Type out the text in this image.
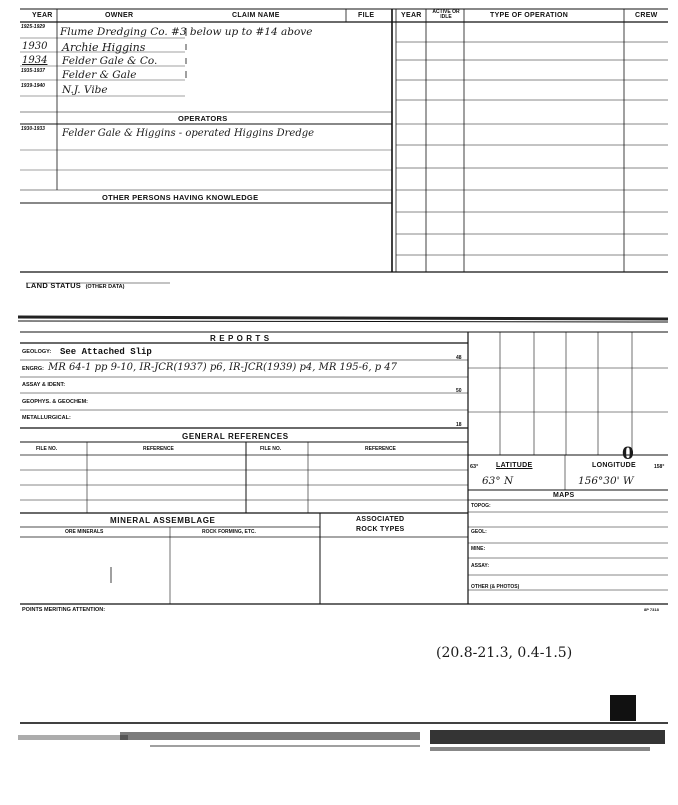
YEAR	OWNER	CLAIM NAME	FILE	YEAR ACTIVE OR IDLE	TYPE OF OPERATION	CREW
1925-1929	Flume Dredging Co. #3 below up to #14 above
1930 Archie Higgins
1934 Felder Gale & Co.
1935-1937	Felder & Gale
1939-1940	N.J. Vibe
OPERATORS
1930-1933	Felder Gale & Higgins - operated Higgins Dredge
OTHER PERSONS HAVING KNOWLEDGE
LAND STATUS (OTHER DATA)
R E P O R T S
GEOLOGY: See Attached Slip
ENGRG: MR 64-1 pp 9-10, IR-JCR(1937) p6, IR-JCR(1939) p4, MR 195-6, p 47
ASSAY & IDENT:
GEOPHYS. & GEOCHEM:
METALLURGICAL:
48
50
18
GENERAL REFERENCES
FILE NO.	REFERENCE	FILE NO.	REFERENCE
MINERAL ASSEMBLAGE
ORE MINERALS	ROCK FORMING, ETC.
ASSOCIATED
ROCK TYPES
63°	LATITUDE	LONGITUDE	158°
0
63° N	156°30' W
MAPS
TOPOG:
GEOL:
MINE:
ASSAY:
OTHER (& PHOTOS)
POINTS MERITING ATTENTION:	8P 7318
(20.8-21.3, 0.4-1.5)
